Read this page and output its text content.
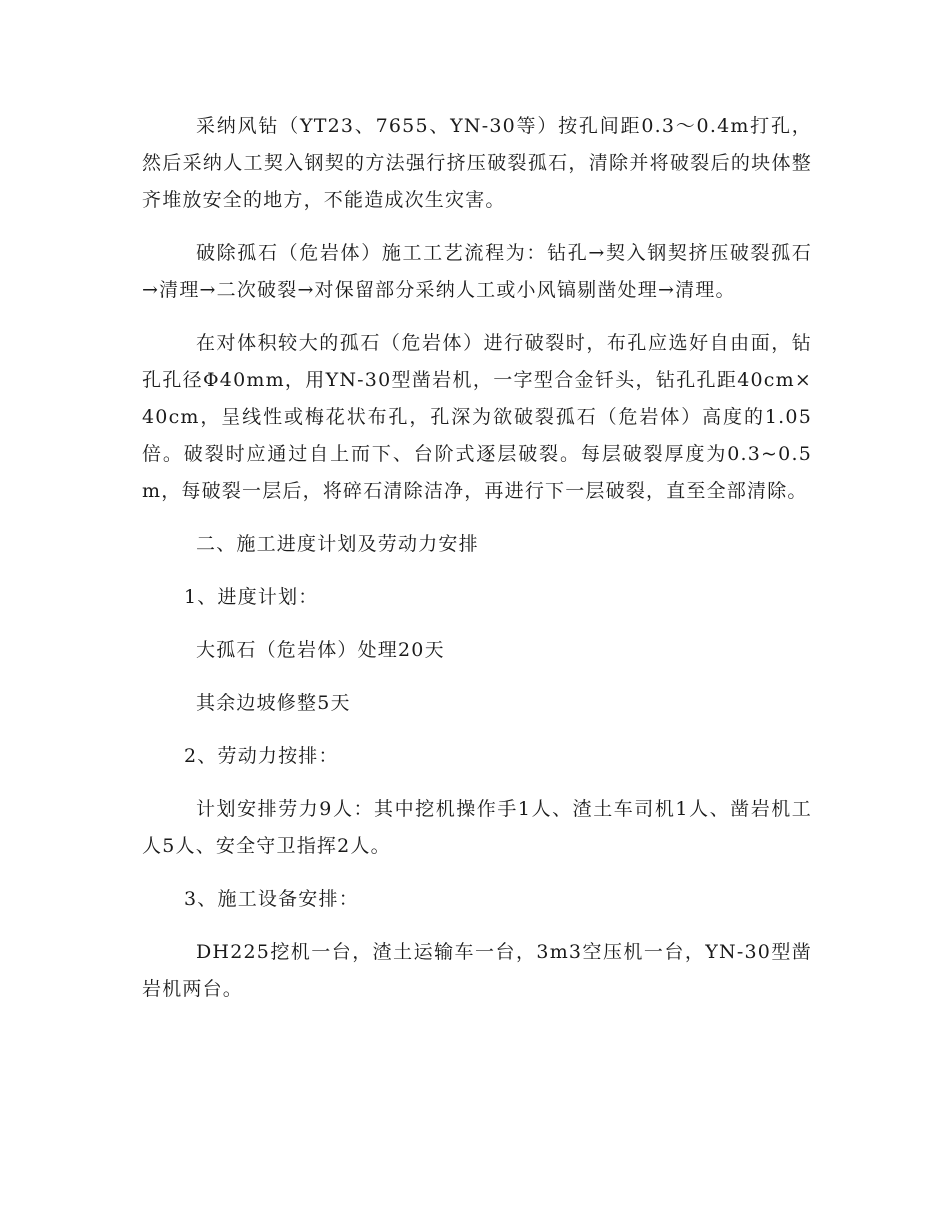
采纳风钻（YT23、7655、YN-30等）按孔间距0.3～0.4m打孔，然后采纳人工契入钢契的方法强行挤压破裂孤石，清除并将破裂后的块体整齐堆放安全的地方，不能造成次生灾害。

破除孤石（危岩体）施工工艺流程为：钻孔→契入钢契挤压破裂孤石→清理→二次破裂→对保留部分采纳人工或小风镐剔凿处理→清理。

在对体积较大的孤石（危岩体）进行破裂时，布孔应选好自由面，钻孔孔径Φ40mm，用YN-30型凿岩机，一字型合金钎头，钻孔孔距40cm×40cm，呈线性或梅花状布孔，孔深为欲破裂孤石（危岩体）高度的1.05倍。破裂时应通过自上而下、台阶式逐层破裂。每层破裂厚度为0.3~0.5m，每破裂一层后，将碎石清除洁净，再进行下一层破裂，直至全部清除。

二、施工进度计划及劳动力安排

1、进度计划：

大孤石（危岩体）处理20天

其余边坡修整5天

2、劳动力按排：

计划安排劳力9人：其中挖机操作手1人、渣土车司机1人、凿岩机工人5人、安全守卫指挥2人。

3、施工设备安排：

DH225挖机一台，渣土运输车一台，3m3空压机一台，YN-30型凿岩机两台。
